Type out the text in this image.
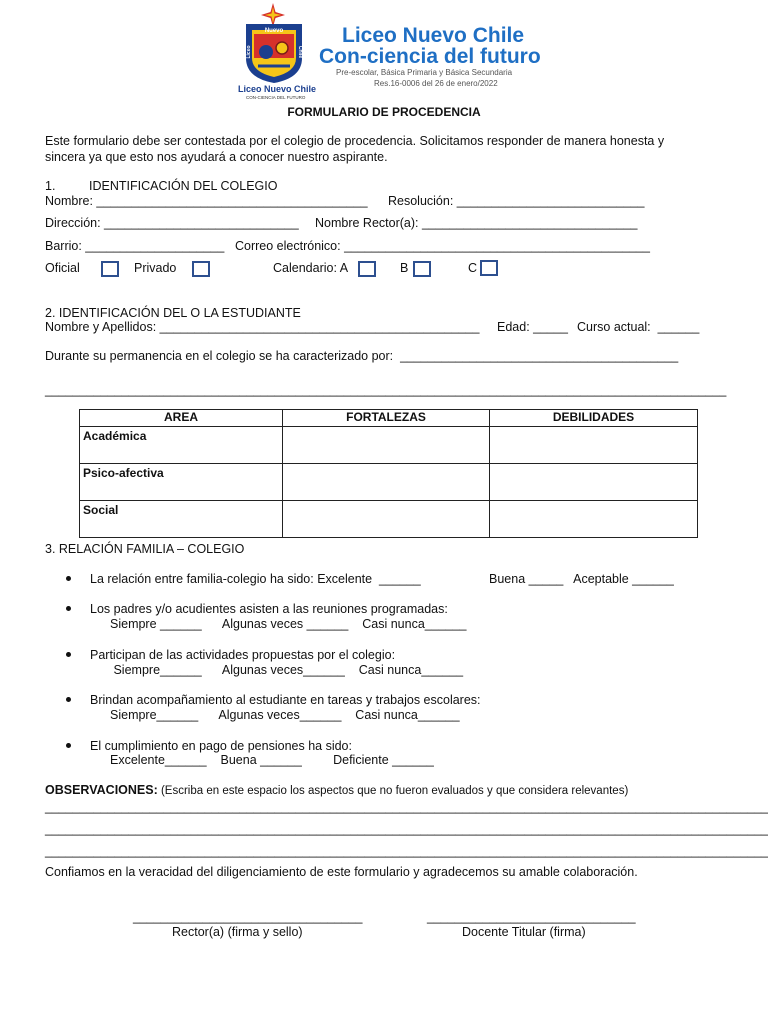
Nuevo
Liceo	Chile
Liceo Nuevo Chile
CON-CIENCIA DEL FUTURO
Liceo Nuevo Chile
Con-ciencia del futuro
Pre-escolar, Básica Primaria y Básica Secundaria
Res.16-0006 del 26 de enero/2022
FORMULARIO DE PROCEDENCIA
Este formulario debe ser contestada por el colegio de procedencia. Solicitamos responder de manera honesta y
sincera ya que esto nos ayudará a conocer nuestro aspirante.
1.	IDENTIFICACIÓN DEL COLEGIO
Nombre: _______________________________________ Resolución: ___________________________
Dirección: ____________________________ Nombre Rector(a): _______________________________
Barrio: ____________________ Correo electrónico: ____________________________________________
Oficial	Privado	Calendario: A	B	C
2. IDENTIFICACIÓN DEL O LA ESTUDIANTE
Nombre y Apellidos: ______________________________________________ Edad: _____ Curso actual:  ______
Durante su permanencia en el colegio se ha caracterizado por:  ________________________________________
__________________________________________________________________________________________________
AREA	FORTALEZAS	DEBILIDADES
Académica		
Psico-afectiva		
Social		
3. RELACIÓN FAMILIA – COLEGIO
La relación entre familia-colegio ha sido: Excelente  ______	Buena _____   Aceptable ______
Los padres y/o acudientes asisten a las reuniones programadas:
Siempre ______      Algunas veces ______    Casi nunca______
Participan de las actividades propuestas por el colegio:
Siempre______      Algunas veces______    Casi nunca______
Brindan acompañamiento al estudiante en tareas y trabajos escolares:
Siempre______      Algunas veces______    Casi nunca______
El cumplimiento en pago de pensiones ha sido:
Excelente______    Buena ______         Deficiente ______
OBSERVACIONES: (Escriba en este espacio los aspectos que no fueron evaluados y que considera relevantes)
________________________________________________________________________________________________________
________________________________________________________________________________________________________
________________________________________________________________________________________________________
Confiamos en la veracidad del diligenciamiento de este formulario y agradecemos su amable colaboración.
_________________________________	______________________________
Rector(a) (firma y sello)	Docente Titular (firma)
